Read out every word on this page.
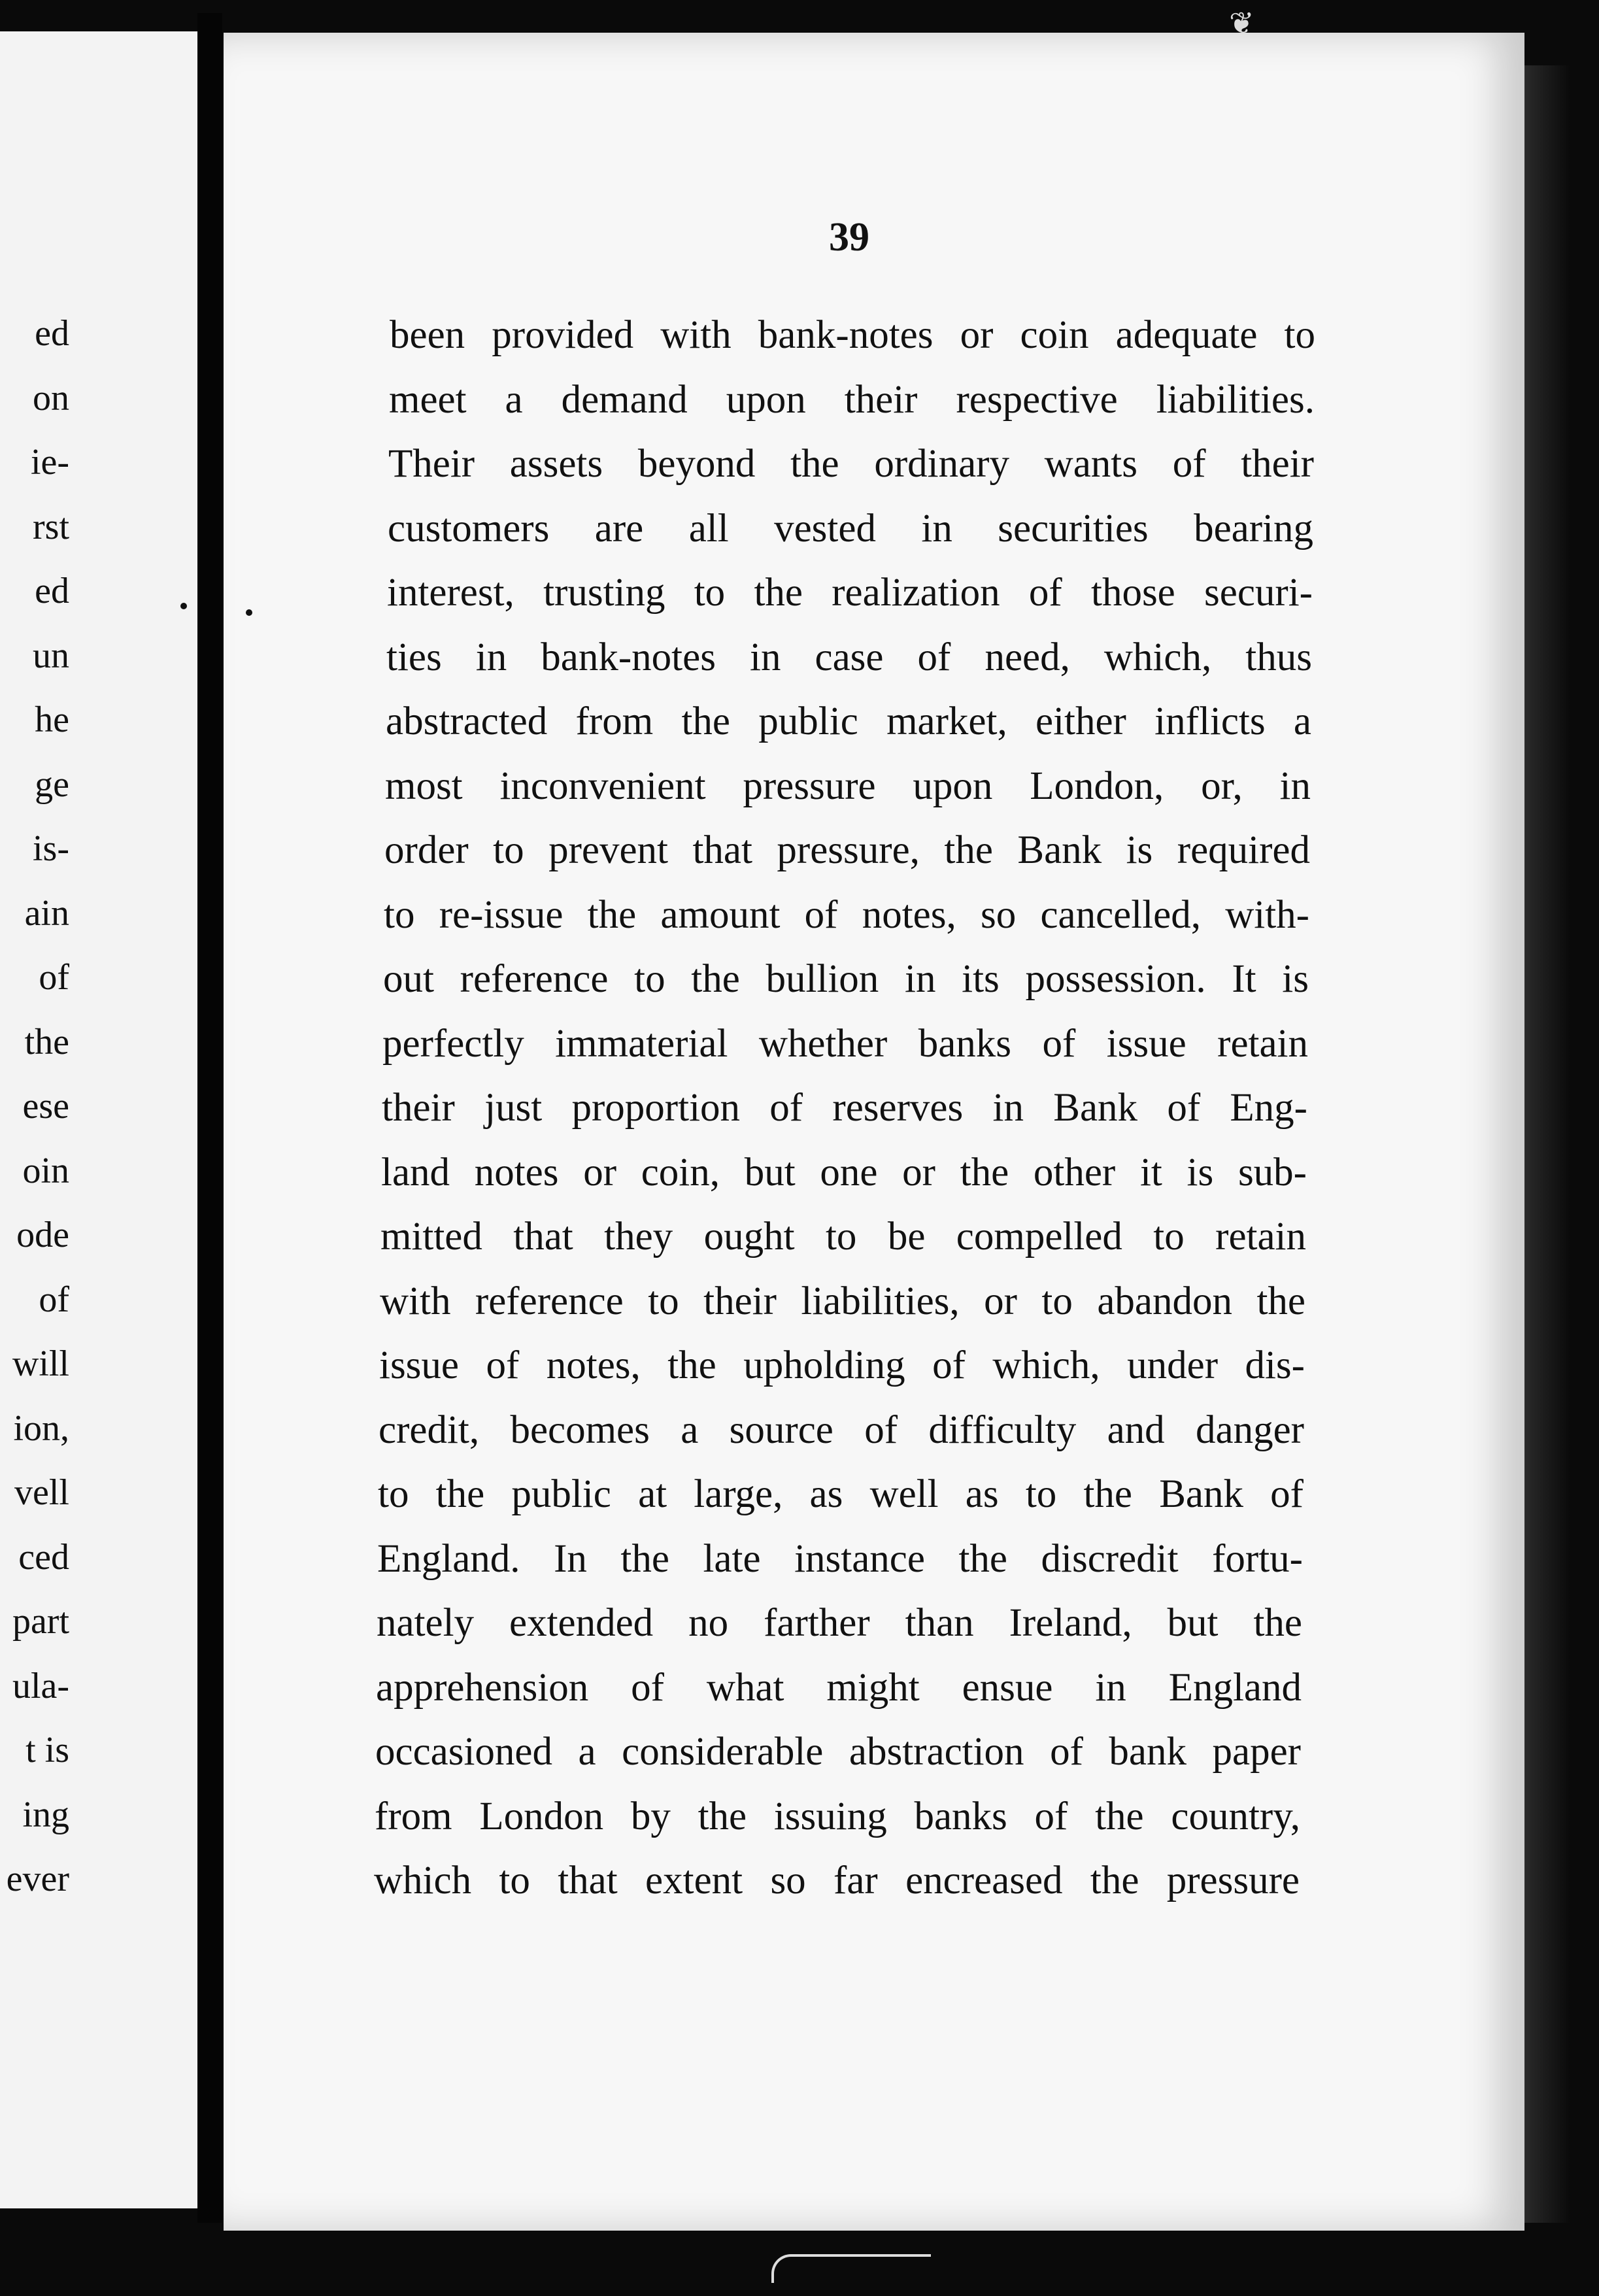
❦
ed
on
ie-
rst
ed
un
he
ge
is-
ain
of
the
ese
oin
ode
of
will
ion,
vell
ced
part
ula-
t is
ing
ever
39
been provided with bank-notes or coin adequate to
meet a demand upon their respective liabilities.
Their assets beyond the ordinary wants of their
customers are all vested in securities bearing
interest, trusting to the realization of those securi-
ties in bank-notes in case of need, which, thus
abstracted from the public market, either inflicts a
most inconvenient pressure upon London, or, in
order to prevent that pressure, the Bank is required
to re-issue the amount of notes, so cancelled, with-
out reference to the bullion in its possession. It is
perfectly immaterial whether banks of issue retain
their just proportion of reserves in Bank of Eng-
land notes or coin, but one or the other it is sub-
mitted that they ought to be compelled to retain
with reference to their liabilities, or to abandon the
issue of notes, the upholding of which, under dis-
credit, becomes a source of difficulty and danger
to the public at large, as well as to the Bank of
England. In the late instance the discredit fortu-
nately extended no farther than Ireland, but the
apprehension of what might ensue in England
occasioned a considerable abstraction of bank paper
from London by the issuing banks of the country,
which to that extent so far encreased the pressure
